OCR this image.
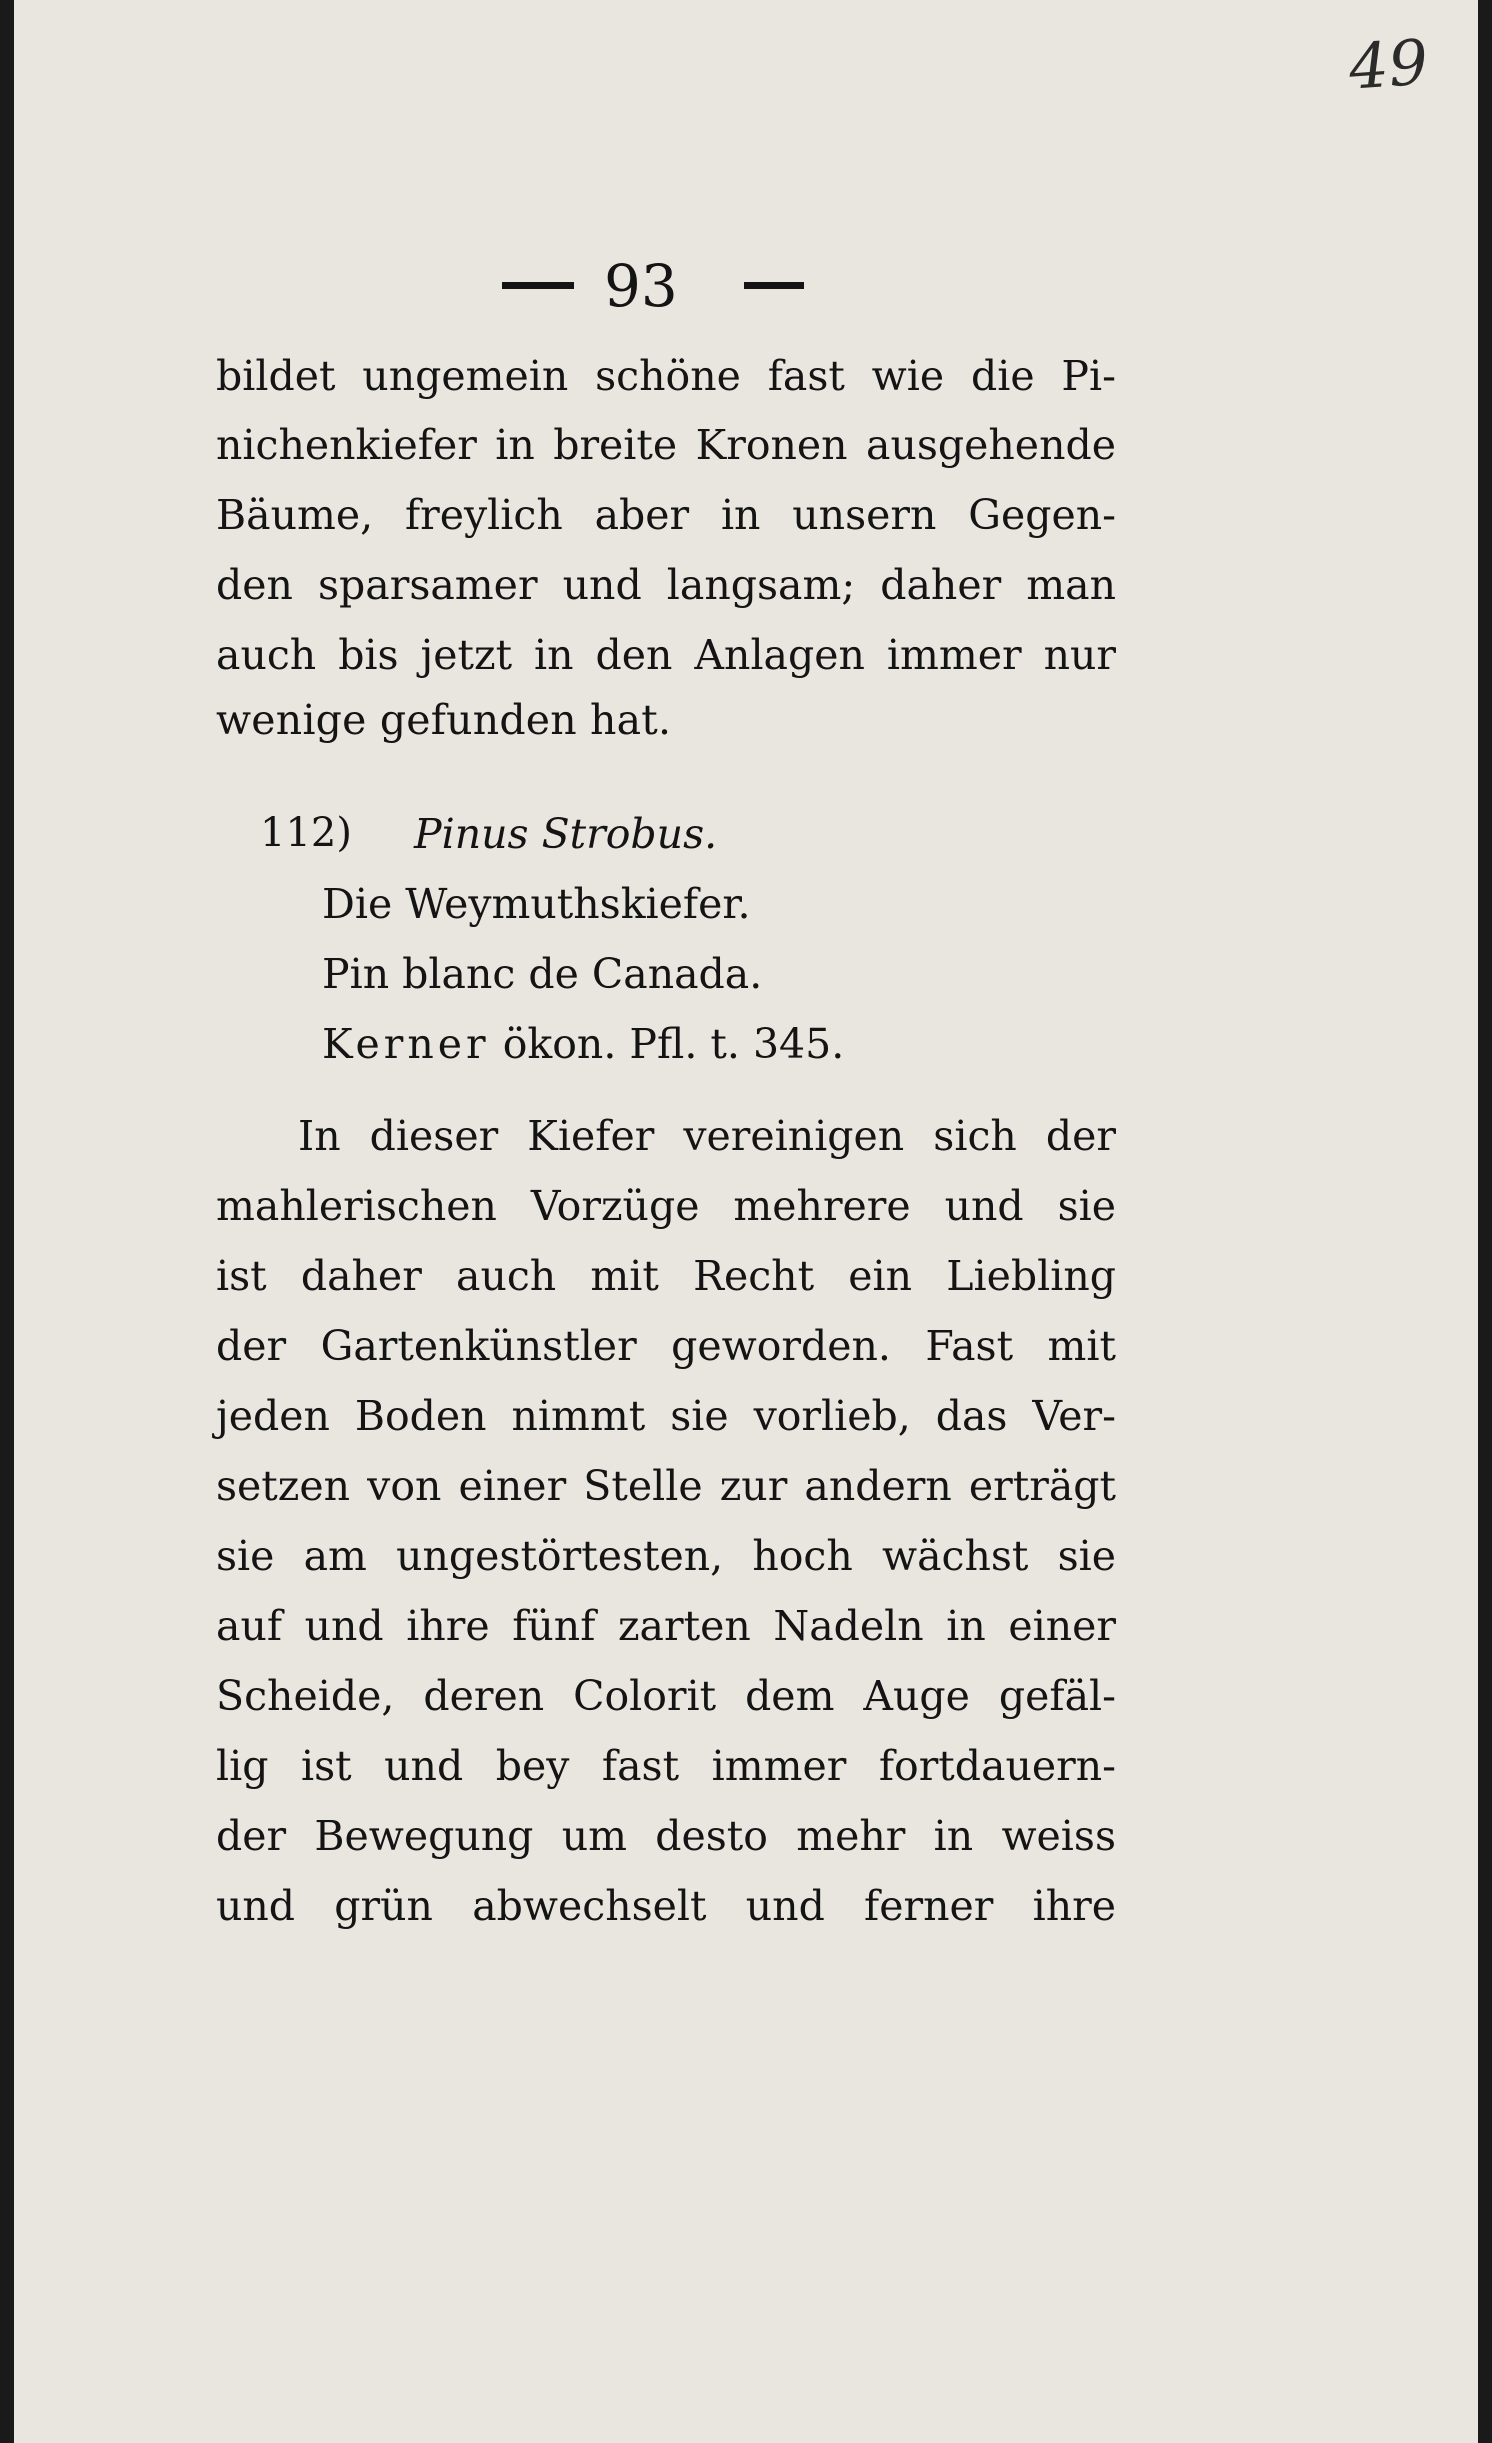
49
93

bildet ungemein schöne fast wie die Pi-

nichenkiefer in breite Kronen ausgehende

Bäume, freylich aber in unsern Gegen-

den sparsamer und langsam; daher man

auch bis jetzt in den Anlagen immer nur

wenige gefunden hat.

112) Pinus Strobus.
Die Weymuthskiefer.
Pin blanc de Canada.
Kerner ökon. Pfl. t. 345.

In dieser Kiefer vereinigen sich der

mahlerischen Vorzüge mehrere und sie

ist daher auch mit Recht ein Liebling

der Gartenkünstler geworden. Fast mit

jeden Boden nimmt sie vorlieb, das Ver-

setzen von einer Stelle zur andern erträgt

sie am ungestörtesten, hoch wächst sie

auf und ihre fünf zarten Nadeln in einer

Scheide, deren Colorit dem Auge gefäl-

lig ist und bey fast immer fortdauern-

der Bewegung um desto mehr in weiss

und grün abwechselt und ferner ihre
